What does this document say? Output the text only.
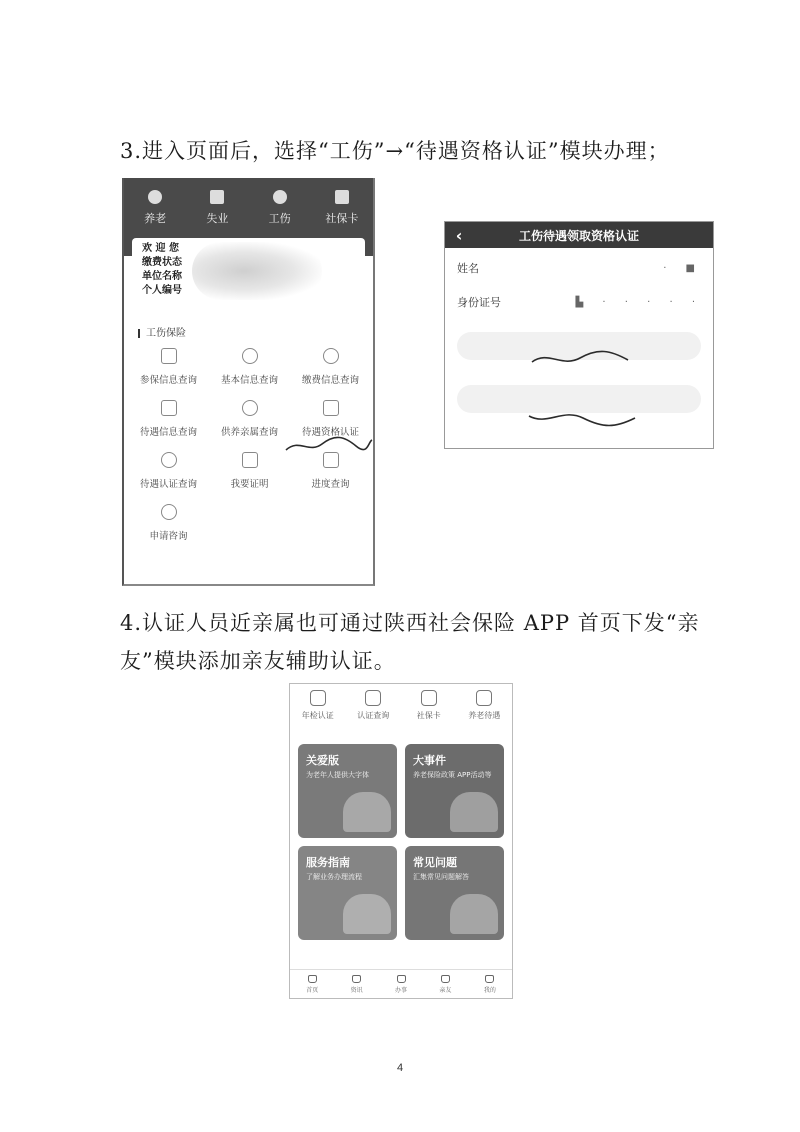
3.进入页面后，选择“工伤”→“待遇资格认证”模块办理；
养老	失业	工伤	社保卡
欢 迎 您
缴费状态
单位名称
个人编号
工伤保险
参保信息查询	基本信息查询	缴费信息查询
待遇信息查询	供养亲属查询	待遇资格认证
待遇认证查询	我要证明	进度查询
申请咨询
‹	工伤待遇领取资格认证
姓名	· ■
身份证号	▙ · · · · ·
4.认证人员近亲属也可通过陕西社会保险 APP 首页下发“亲
友”模块添加亲友辅助认证。
年检认证	认证查询	社保卡	养老待遇
关爱版
为老年人提供大字体
大事件
养老保险政策 APP活动等
服务指南
了解业务办理流程
常见问题
汇集常见问题解答
首页	资讯	办事	亲友	我的
4
